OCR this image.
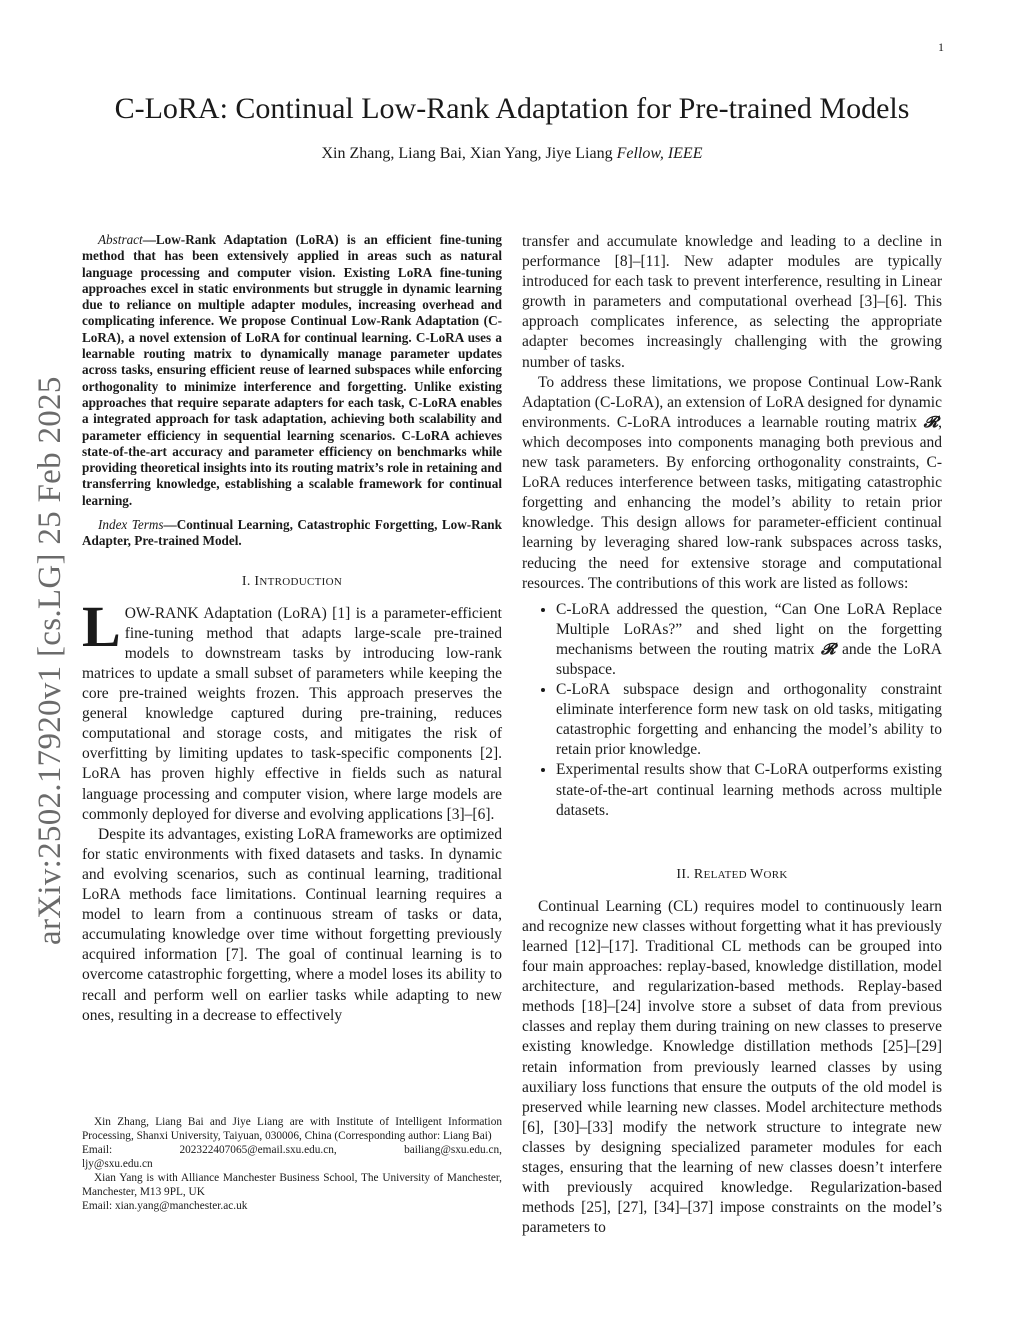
1
arXiv:2502.17920v1 [cs.LG] 25 Feb 2025
C-LoRA: Continual Low-Rank Adaptation for Pre-trained Models
Xin Zhang, Liang Bai, Xian Yang, Jiye Liang Fellow, IEEE

Abstract—Low-Rank Adaptation (LoRA) is an efficient fine-tuning method that has been extensively applied in areas such as natural language processing and computer vision. Existing LoRA fine-tuning approaches excel in static environments but struggle in dynamic learning due to reliance on multiple adapter modules, increasing overhead and complicating inference. We propose Continual Low-Rank Adaptation (C-LoRA), a novel extension of LoRA for continual learning. C-LoRA uses a learnable routing matrix to dynamically manage parameter updates across tasks, ensuring efficient reuse of learned subspaces while enforcing orthogonality to minimize interference and forgetting. Unlike existing approaches that require separate adapters for each task, C-LoRA enables a integrated approach for task adaptation, achieving both scalability and parameter efficiency in sequential learning scenarios. C-LoRA achieves state-of-the-art accuracy and parameter efficiency on benchmarks while providing theoretical insights into its routing matrix’s role in retaining and transferring knowledge, establishing a scalable framework for continual learning.

Index Terms—Continual Learning, Catastrophic Forgetting, Low-Rank Adapter, Pre-trained Model.

I. INTRODUCTION

LOW-RANK Adaptation (LoRA) [1] is a parameter-efficient fine-tuning method that adapts large-scale pre-trained models to downstream tasks by introducing low-rank matrices to update a small subset of parameters while keeping the core pre-trained weights frozen. This approach preserves the general knowledge captured during pre-training, reduces computational and storage costs, and mitigates the risk of overfitting by limiting updates to task-specific components [2]. LoRA has proven highly effective in fields such as natural language processing and computer vision, where large models are commonly deployed for diverse and evolving applications [3]–[6].

Despite its advantages, existing LoRA frameworks are optimized for static environments with fixed datasets and tasks. In dynamic and evolving scenarios, such as continual learning, traditional LoRA methods face limitations. Continual learning requires a model to learn from a continuous stream of tasks or data, accumulating knowledge over time without forgetting previously acquired information [7]. The goal of continual learning is to overcome catastrophic forgetting, where a model loses its ability to recall and perform well on earlier tasks while adapting to new ones, resulting in a decrease to effectively

transfer and accumulate knowledge and leading to a decline in performance [8]–[11]. New adapter modules are typically introduced for each task to prevent interference, resulting in Linear growth in parameters and computational overhead [3]–[6]. This approach complicates inference, as selecting the appropriate adapter becomes increasingly challenging with the growing number of tasks.

To address these limitations, we propose Continual Low-Rank Adaptation (C-LoRA), an extension of LoRA designed for dynamic environments. C-LoRA introduces a learnable routing matrix 𝓡, which decomposes into components managing both previous and new task parameters. By enforcing orthogonality constraints, C-LoRA reduces interference between tasks, mitigating catastrophic forgetting and enhancing the model’s ability to retain prior knowledge. This design allows for parameter-efficient continual learning by leveraging shared low-rank subspaces across tasks, reducing the need for extensive storage and computational resources. The contributions of this work are listed as follows:

• C-LoRA addressed the question, “Can One LoRA Replace Multiple LoRAs?” and shed light on the forgetting mechanisms between the routing matrix 𝓡 ande the LoRA subspace.
• C-LoRA subspace design and orthogonality constraint eliminate interference form new task on old tasks, mitigating catastrophic forgetting and enhancing the model’s ability to retain prior knowledge.
• Experimental results show that C-LoRA outperforms existing state-of-the-art continual learning methods across multiple datasets.
II. RELATED WORK

Continual Learning (CL) requires model to continuously learn and recognize new classes without forgetting what it has previously learned [12]–[17]. Traditional CL methods can be grouped into four main approaches: replay-based, knowledge distillation, model architecture, and regularization-based methods. Replay-based methods [18]–[24] involve store a subset of data from previous classes and replay them during training on new classes to preserve existing knowledge. Knowledge distillation methods [25]–[29] retain information from previously learned classes by using auxiliary loss functions that ensure the outputs of the old model is preserved while learning new classes. Model architecture methods [6], [30]–[33] modify the network structure to integrate new classes by designing specialized parameter modules for each stages, ensuring that the learning of new classes doesn’t interfere with previously acquired knowledge. Regularization-based methods [25], [27], [34]–[37] impose constraints on the model’s parameters to

Xin Zhang, Liang Bai and Jiye Liang are with Institute of Intelligent Information Processing, Shanxi University, Taiyuan, 030006, China (Corresponding author: Liang Bai)

Email:	202322407065@email.sxu.edu.cn,	bailiang@sxu.edu.cn,

ljy@sxu.edu.cn

Xian Yang is with Alliance Manchester Business School, The University of Manchester, Manchester, M13 9PL, UK

Email: xian.yang@manchester.ac.uk
